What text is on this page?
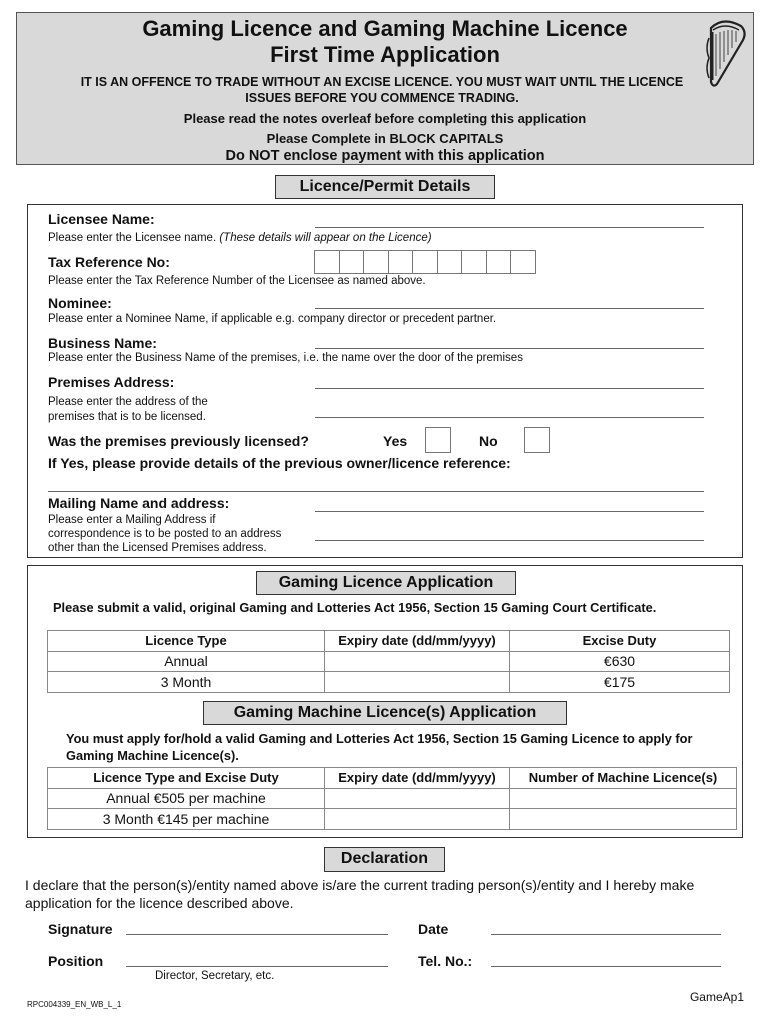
Gaming Licence and Gaming Machine Licence
First Time Application
IT IS AN OFFENCE TO TRADE WITHOUT AN EXCISE LICENCE. YOU MUST WAIT UNTIL THE LICENCE ISSUES BEFORE YOU COMMENCE TRADING.
Please read the notes overleaf before completing this application
Please Complete in BLOCK CAPITALS
Do NOT enclose payment with this application
Licence/Permit Details
Licensee Name:
Please enter the Licensee name. (These details will appear on the Licence)
Tax Reference No:
Please enter the Tax Reference Number of the Licensee as named above.
Nominee:
Please enter a Nominee Name, if applicable e.g. company director or precedent partner.
Business Name:
Please enter the Business Name of the premises, i.e. the name over the door of the premises
Premises Address:
Please enter the address of the
premises that is to be licensed.
Was the premises previously licensed?	Yes	No
If Yes, please provide details of the previous owner/licence reference:
Mailing Name and address:
Please enter a Mailing Address if
correspondence is to be posted to an address
other than the Licensed Premises address.
Gaming Licence Application
Please submit a valid, original Gaming and Lotteries Act 1956, Section 15 Gaming Court Certificate.
Licence Type	Expiry date (dd/mm/yyyy)	Excise Duty
Annual		€630
3 Month		€175
Gaming Machine Licence(s) Application
You must apply for/hold a valid Gaming and Lotteries Act 1956, Section 15 Gaming Licence to apply for Gaming Machine Licence(s).
Licence Type and Excise Duty	Expiry date (dd/mm/yyyy)	Number of Machine Licence(s)
Annual €505 per machine		
3 Month €145 per machine		
Declaration
I declare that the person(s)/entity named above is/are the current trading person(s)/entity and I hereby make application for the licence described above.
Signature	Date
Position
Director, Secretary, etc.
Tel. No.:
RPC004339_EN_WB_L_1
GameAp1
